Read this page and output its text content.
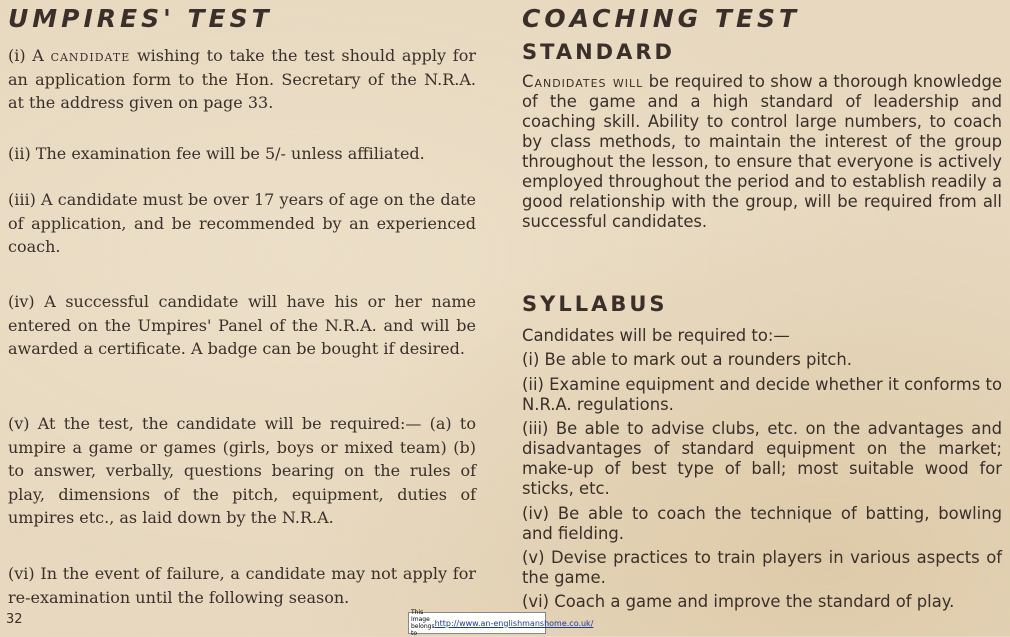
UMPIRES' TEST

(i) A candidate wishing to take the test should apply for an application form to the Hon. Secretary of the N.R.A. at the address given on page 33.

(ii) The examination fee will be 5/- unless affiliated.

(iii) A candidate must be over 17 years of age on the date of application, and be recommended by an experienced coach.

(iv) A successful candidate will have his or her name entered on the Umpires' Panel of the N.R.A. and will be awarded a certificate. A badge can be bought if desired.

(v) At the test, the candidate will be required:— (a) to umpire a game or games (girls, boys or mixed team) (b) to answer, verbally, questions bearing on the rules of play, dimensions of the pitch, equipment, duties of umpires etc., as laid down by the N.R.A.

(vi) In the event of failure, a candidate may not apply for re-examination until the following season.

32
COACHING TEST
STANDARD

Candidates will be required to show a thorough knowledge of the game and a high standard of leadership and coaching skill. Ability to control large numbers, to coach by class methods, to maintain the interest of the group throughout the lesson, to ensure that everyone is actively employed throughout the period and to establish readily a good relationship with the group, will be required from all successful candidates.

SYLLABUS

Candidates will be required to:—

(i) Be able to mark out a rounders pitch.

(ii) Examine equipment and decide whether it conforms to N.R.A. regulations.

(iii) Be able to advise clubs, etc. on the advantages and disadvantages of standard equipment on the market; make-up of best type of ball; most suitable wood for sticks, etc.

(iv) Be able to coach the technique of batting, bowling and fielding.

(v) Devise practices to train players in various aspects of the game.

(vi) Coach a game and improve the standard of play.

This Image belongs to
http://www.an-englishmanshome.co.uk/
